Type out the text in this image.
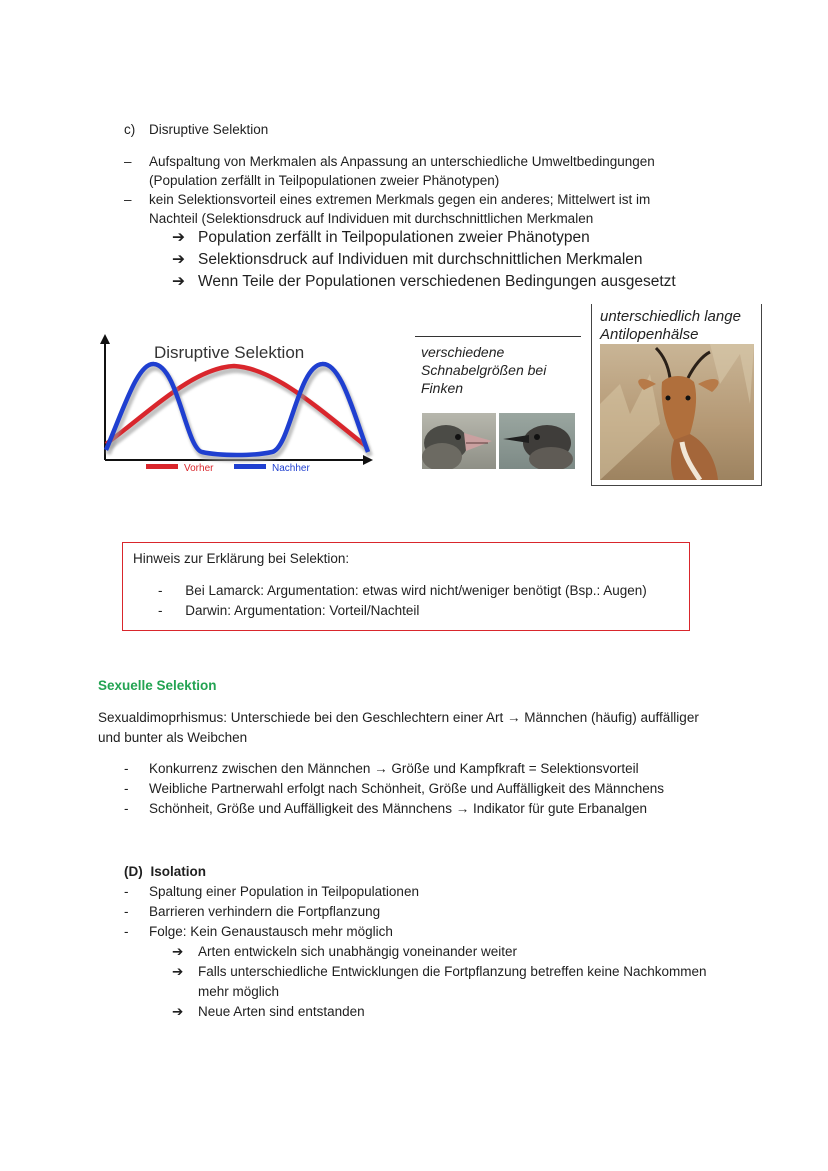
c) Disruptive Selektion
– Aufspaltung von Merkmalen als Anpassung an unterschiedliche Umweltbedingungen
(Population zerfällt in Teilpopulationen zweier Phänotypen)
– kein Selektionsvorteil eines extremen Merkmals gegen ein anderes; Mittelwert ist im
Nachteil (Selektionsdruck auf Individuen mit durchschnittlichen Merkmalen
➔ Population zerfällt in Teilpopulationen zweier Phänotypen
➔ Selektionsdruck auf Individuen mit durchschnittlichen Merkmalen
➔ Wenn Teile der Populationen verschiedenen Bedingungen ausgesetzt
Disruptive Selektion
Vorher	Nachher
verschiedene
Schnabelgrößen bei
Finken
unterschiedlich lange
Antilopenhälse
Hinweis zur Erklärung bei Selektion:
- Bei Lamarck: Argumentation: etwas wird nicht/weniger benötigt (Bsp.: Augen)
- Darwin: Argumentation: Vorteil/Nachteil
Sexuelle Selektion
Sexualdimoprhismus: Unterschiede bei den Geschlechtern einer Art → Männchen (häufig) auffälliger
und bunter als Weibchen
- Konkurrenz zwischen den Männchen → Größe und Kampfkraft = Selektionsvorteil
- Weibliche Partnerwahl erfolgt nach Schönheit, Größe und Auffälligkeit des Männchens
- Schönheit, Größe und Auffälligkeit des Männchens → Indikator für gute Erbanalgen
(D) Isolation
- Spaltung einer Population in Teilpopulationen
- Barrieren verhindern die Fortpflanzung
- Folge: Kein Genaustausch mehr möglich
➔	Arten entwickeln sich unabhängig voneinander weiter
➔	Falls unterschiedliche Entwicklungen die Fortpflanzung betreffen keine Nachkommen
mehr möglich
➔	Neue Arten sind entstanden
